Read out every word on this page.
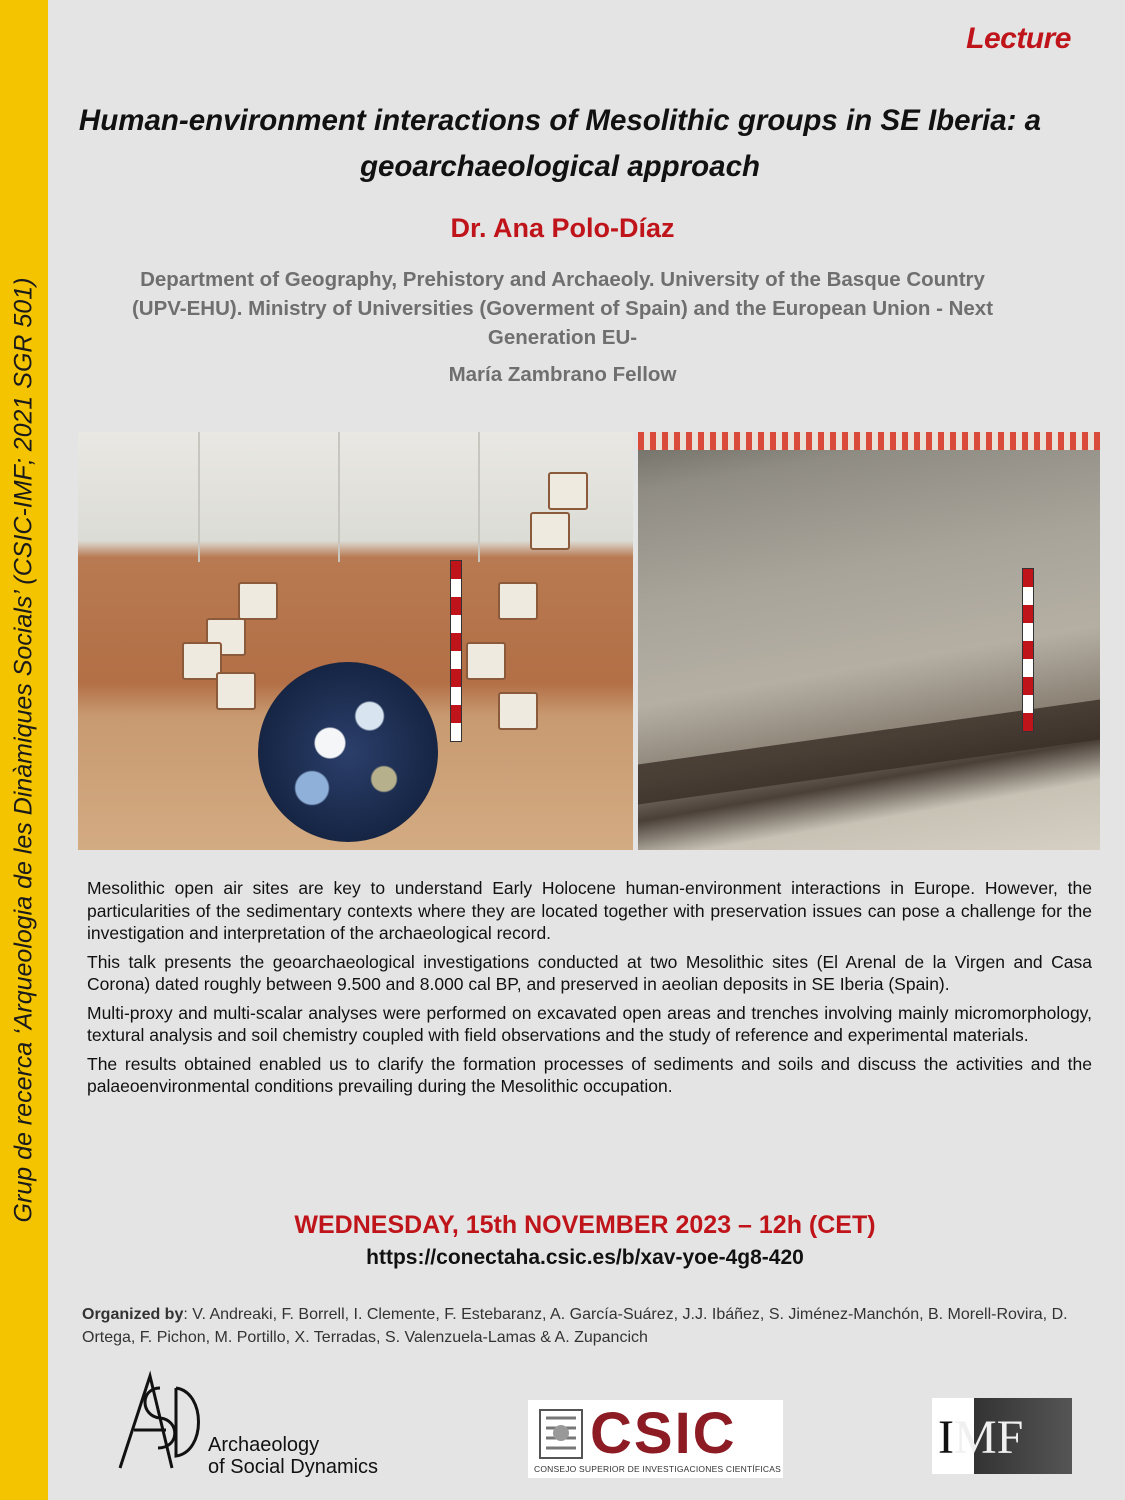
Grup de recerca ‘Arqueologia de les Dinàmiques Socials’ (CSIC-IMF; 2021 SGR 501)
Lecture
Human-environment interactions of Mesolithic groups in SE Iberia: a geoarchaeological approach
Dr. Ana Polo-Díaz
Department of Geography, Prehistory and Archaeoly. University of the Basque Country (UPV-EHU). Ministry of Universities (Goverment of Spain) and the European Union - Next Generation EU-
María Zambrano Fellow

Mesolithic open air sites are key to understand Early Holocene human-environment interactions in Europe. However, the particularities of the sedimentary contexts where they are located together with preservation issues can pose a challenge for the investigation and interpretation of the archaeological record.

This talk presents the geoarchaeological investigations conducted at two Mesolithic sites (El Arenal de la Virgen and Casa Corona) dated roughly between 9.500 and 8.000 cal BP, and preserved in aeolian deposits in SE Iberia (Spain).

Multi-proxy and multi-scalar analyses were performed on excavated open areas and trenches involving mainly micromorphology, textural analysis and soil chemistry coupled with field observations and the study of reference and experimental materials.

The results obtained enabled us to clarify the formation processes of sediments and soils and discuss the activities and the palaeoenvironmental conditions prevailing during the Mesolithic occupation.

WEDNESDAY, 15th NOVEMBER 2023 – 12h (CET)
https://conectaha.csic.es/b/xav-yoe-4g8-420
Organized by: V. Andreaki, F. Borrell, I. Clemente, F. Estebaranz, A. García-Suárez, J.J. Ibáñez, S. Jiménez-Manchón, B. Morell-Rovira, D. Ortega, F. Pichon, M. Portillo, X. Terradas, S. Valenzuela-Lamas & A. Zupancich
Archaeology
of Social Dynamics
CSIC
CONSEJO SUPERIOR DE INVESTIGACIONES CIENTÍFICAS
IMF
